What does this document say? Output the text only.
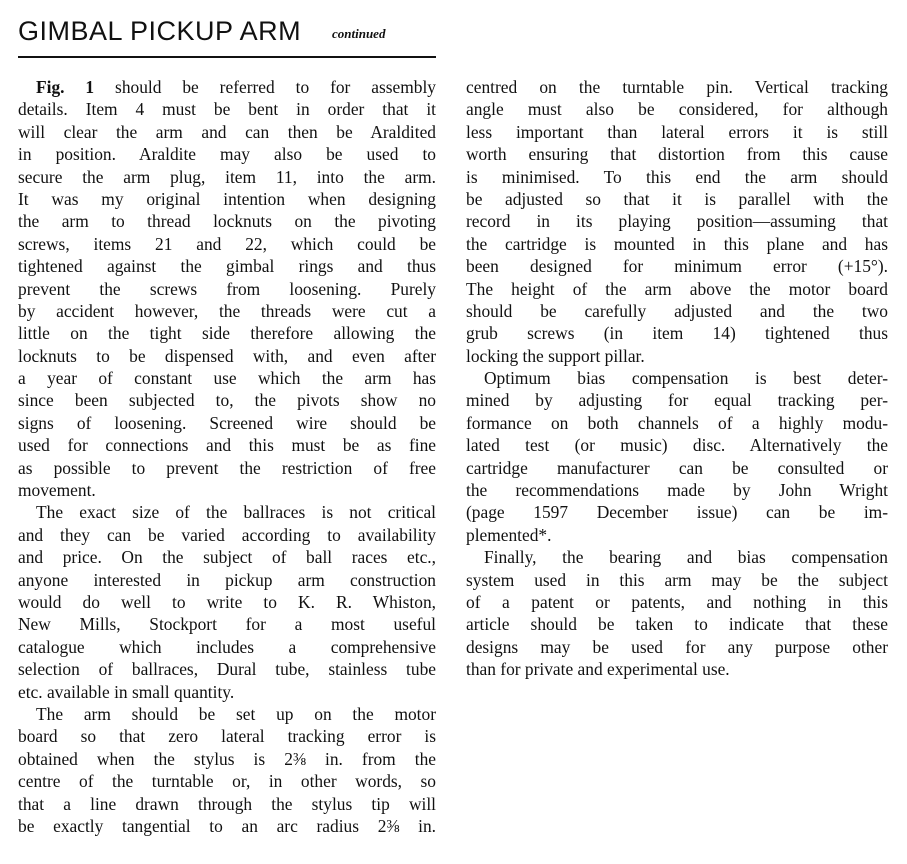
GIMBAL PICKUP ARM continued
Fig. 1 should be referred to for assembly
details. Item 4 must be bent in order that it
will clear the arm and can then be Araldited
in position. Araldite may also be used to
secure the arm plug, item 11, into the arm.
It was my original intention when designing
the arm to thread locknuts on the pivoting
screws, items 21 and 22, which could be
tightened against the gimbal rings and thus
prevent the screws from loosening. Purely
by accident however, the threads were cut a
little on the tight side therefore allowing the
locknuts to be dispensed with, and even after
a year of constant use which the arm has
since been subjected to, the pivots show no
signs of loosening. Screened wire should be
used for connections and this must be as fine
as possible to prevent the restriction of free
movement.
The exact size of the ballraces is not critical
and they can be varied according to availability
and price. On the subject of ball races etc.,
anyone interested in pickup arm construction
would do well to write to K. R. Whiston,
New Mills, Stockport for a most useful
catalogue which includes a comprehensive
selection of ballraces, Dural tube, stainless tube
etc. available in small quantity.
The arm should be set up on the motor
board so that zero lateral tracking error is
obtained when the stylus is 2⅜ in. from the
centre of the turntable or, in other words, so
that a line drawn through the stylus tip will
be exactly tangential to an arc radius 2⅜ in.
centred on the turntable pin. Vertical tracking
angle must also be considered, for although
less important than lateral errors it is still
worth ensuring that distortion from this cause
is minimised. To this end the arm should
be adjusted so that it is parallel with the
record in its playing position—assuming that
the cartridge is mounted in this plane and has
been designed for minimum error (+15°).
The height of the arm above the motor board
should be carefully adjusted and the two
grub screws (in item 14) tightened thus
locking the support pillar.
Optimum bias compensation is best deter-
mined by adjusting for equal tracking per-
formance on both channels of a highly modu-
lated test (or music) disc. Alternatively the
cartridge manufacturer can be consulted or
the recommendations made by John Wright
(page 1597 December issue) can be im-
plemented*.
Finally, the bearing and bias compensation
system used in this arm may be the subject
of a patent or patents, and nothing in this
article should be taken to indicate that these
designs may be used for any purpose other
than for private and experimental use.
